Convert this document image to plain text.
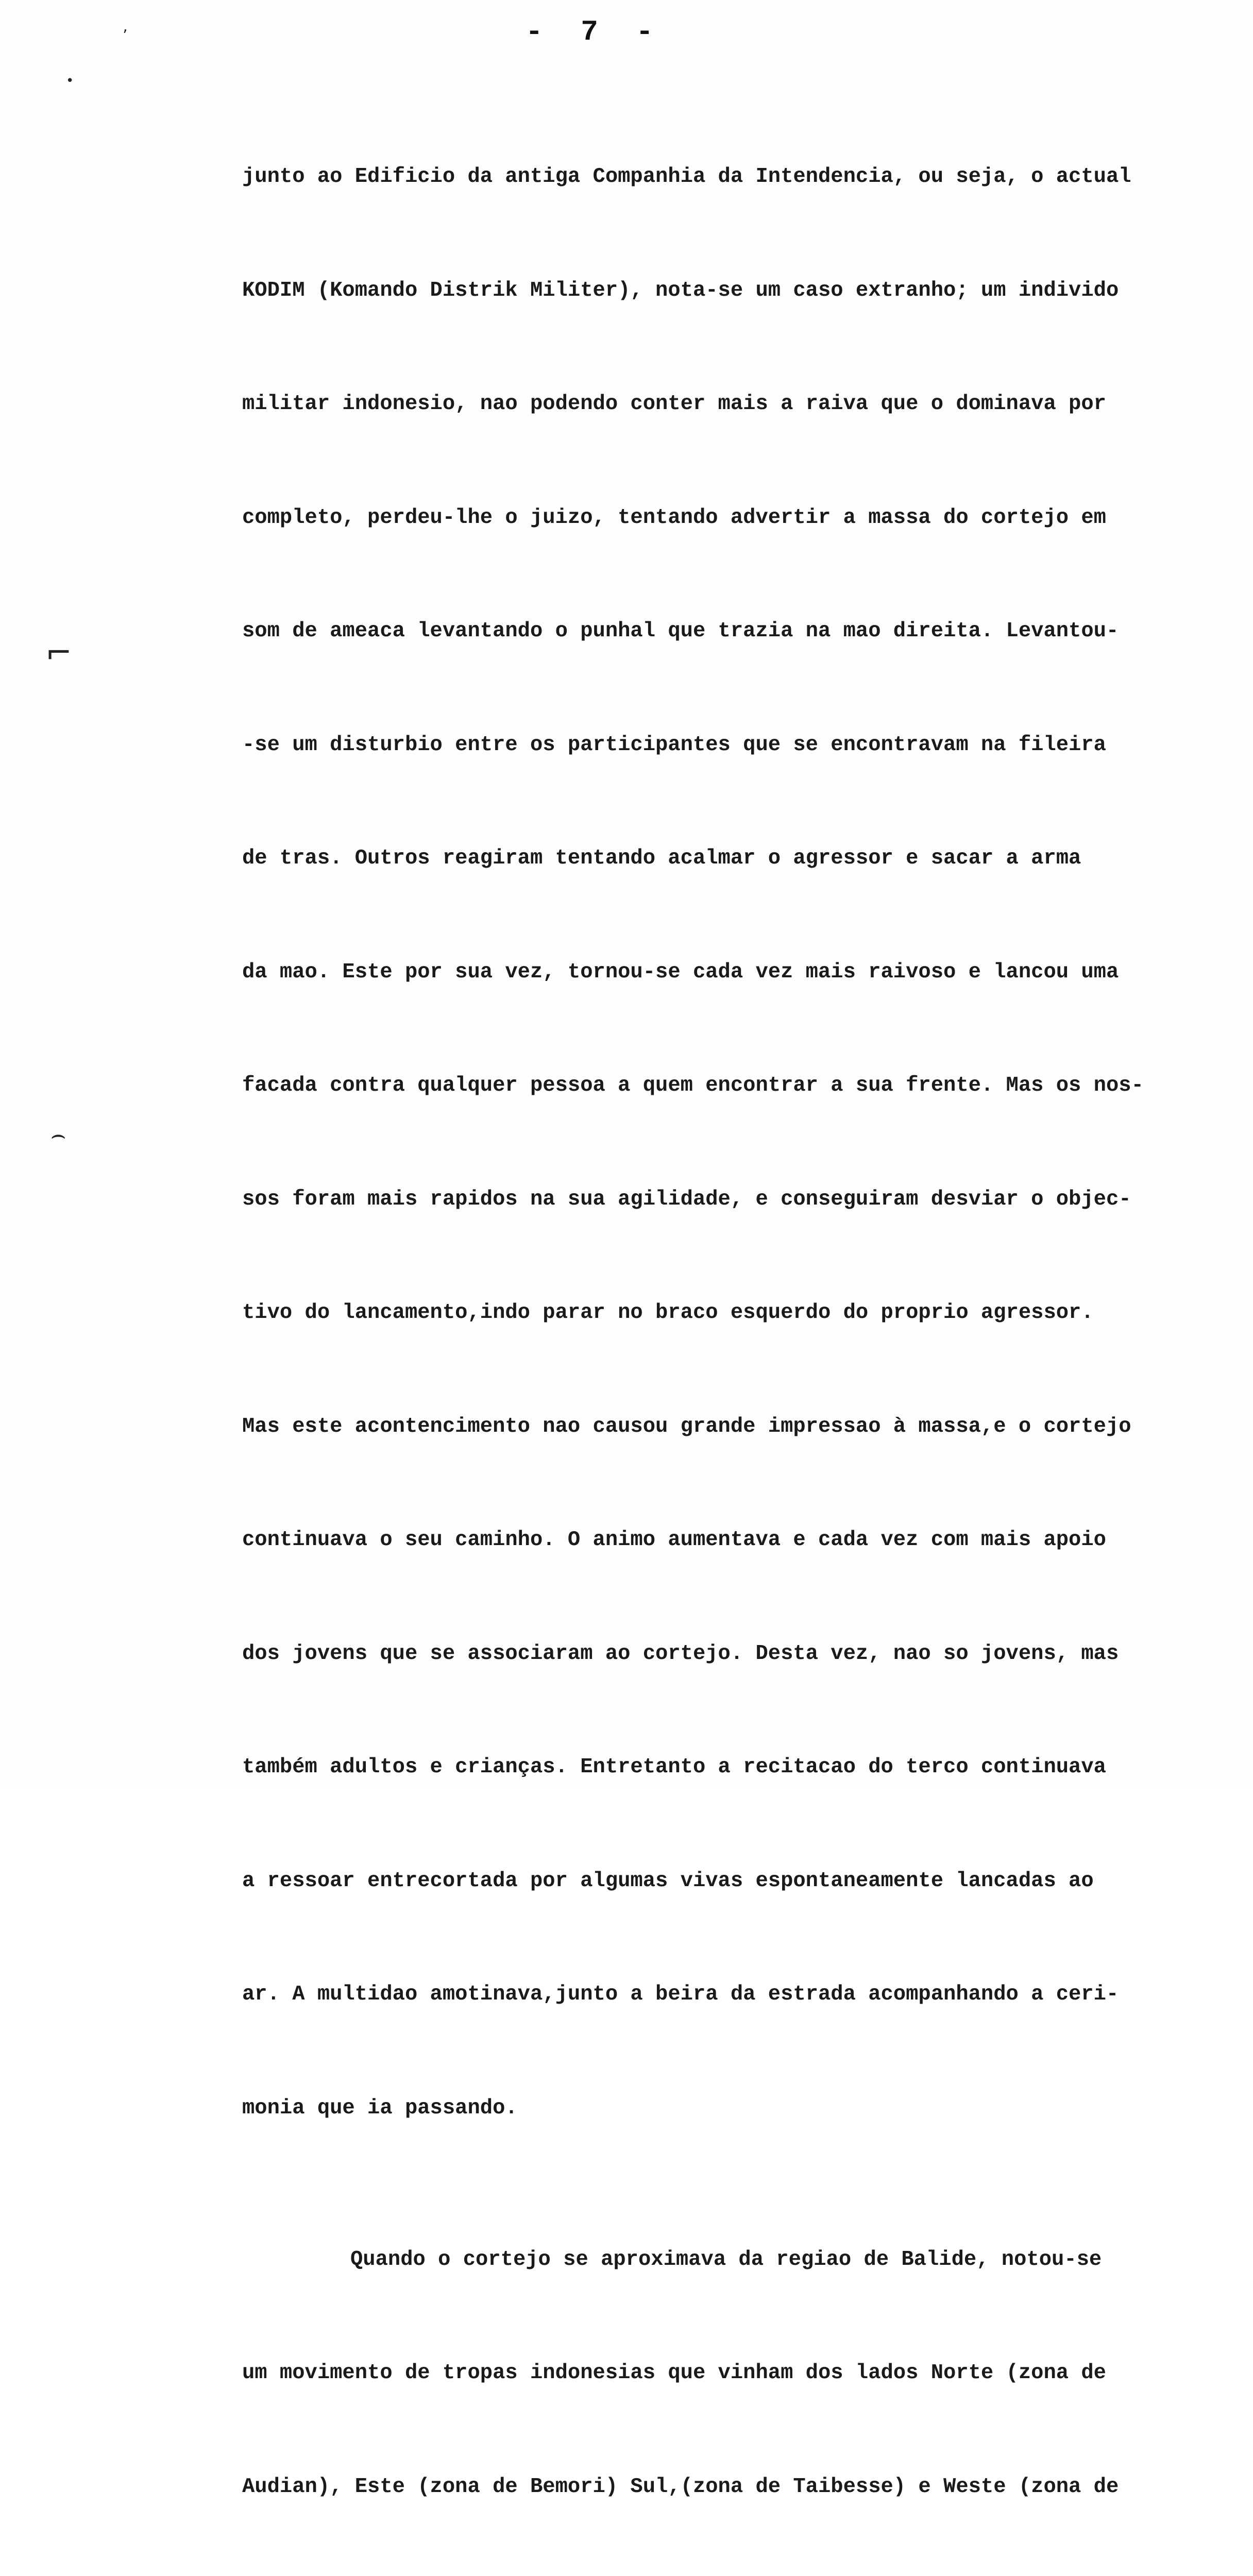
’
•
⌐
⌢
- 7 -

junto ao Edificio da antiga Companhia da Intendencia, ou seja, o actual

KODIM (Komando Distrik Militer), nota-se um caso extranho; um individo

militar indonesio, nao podendo conter mais a raiva que o dominava por

completo, perdeu-lhe o juizo, tentando advertir a massa do cortejo em

som de ameaca levantando o punhal que trazia na mao direita. Levantou-

-se um disturbio entre os participantes que se encontravam na fileira

de tras. Outros reagiram tentando acalmar o agressor e sacar a arma

da mao. Este por sua vez, tornou-se cada vez mais raivoso e lancou uma

facada contra qualquer pessoa a quem encontrar a sua frente. Mas os nos-

sos foram mais rapidos na sua agilidade, e conseguiram desviar o objec-

tivo do lancamento,indo parar no braco esquerdo do proprio agressor.

Mas este acontencimento nao causou grande impressao à massa,e o cortejo

continuava o seu caminho. O animo aumentava e cada vez com mais apoio

dos jovens que se associaram ao cortejo. Desta vez, nao so jovens, mas

também adultos e crianças. Entretanto a recitacao do terco continuava

a ressoar entrecortada por algumas vivas espontaneamente lancadas ao

ar. A multidao amotinava,junto a beira da estrada acompanhando a ceri-

monia que ia passando.

Quando o cortejo se aproximava da regiao de Balide, notou-se

um movimento de tropas indonesias que vinham dos lados Norte (zona de

Audian), Este (zona de Bemori) Sul,(zona de Taibesse) e Weste (zona de
